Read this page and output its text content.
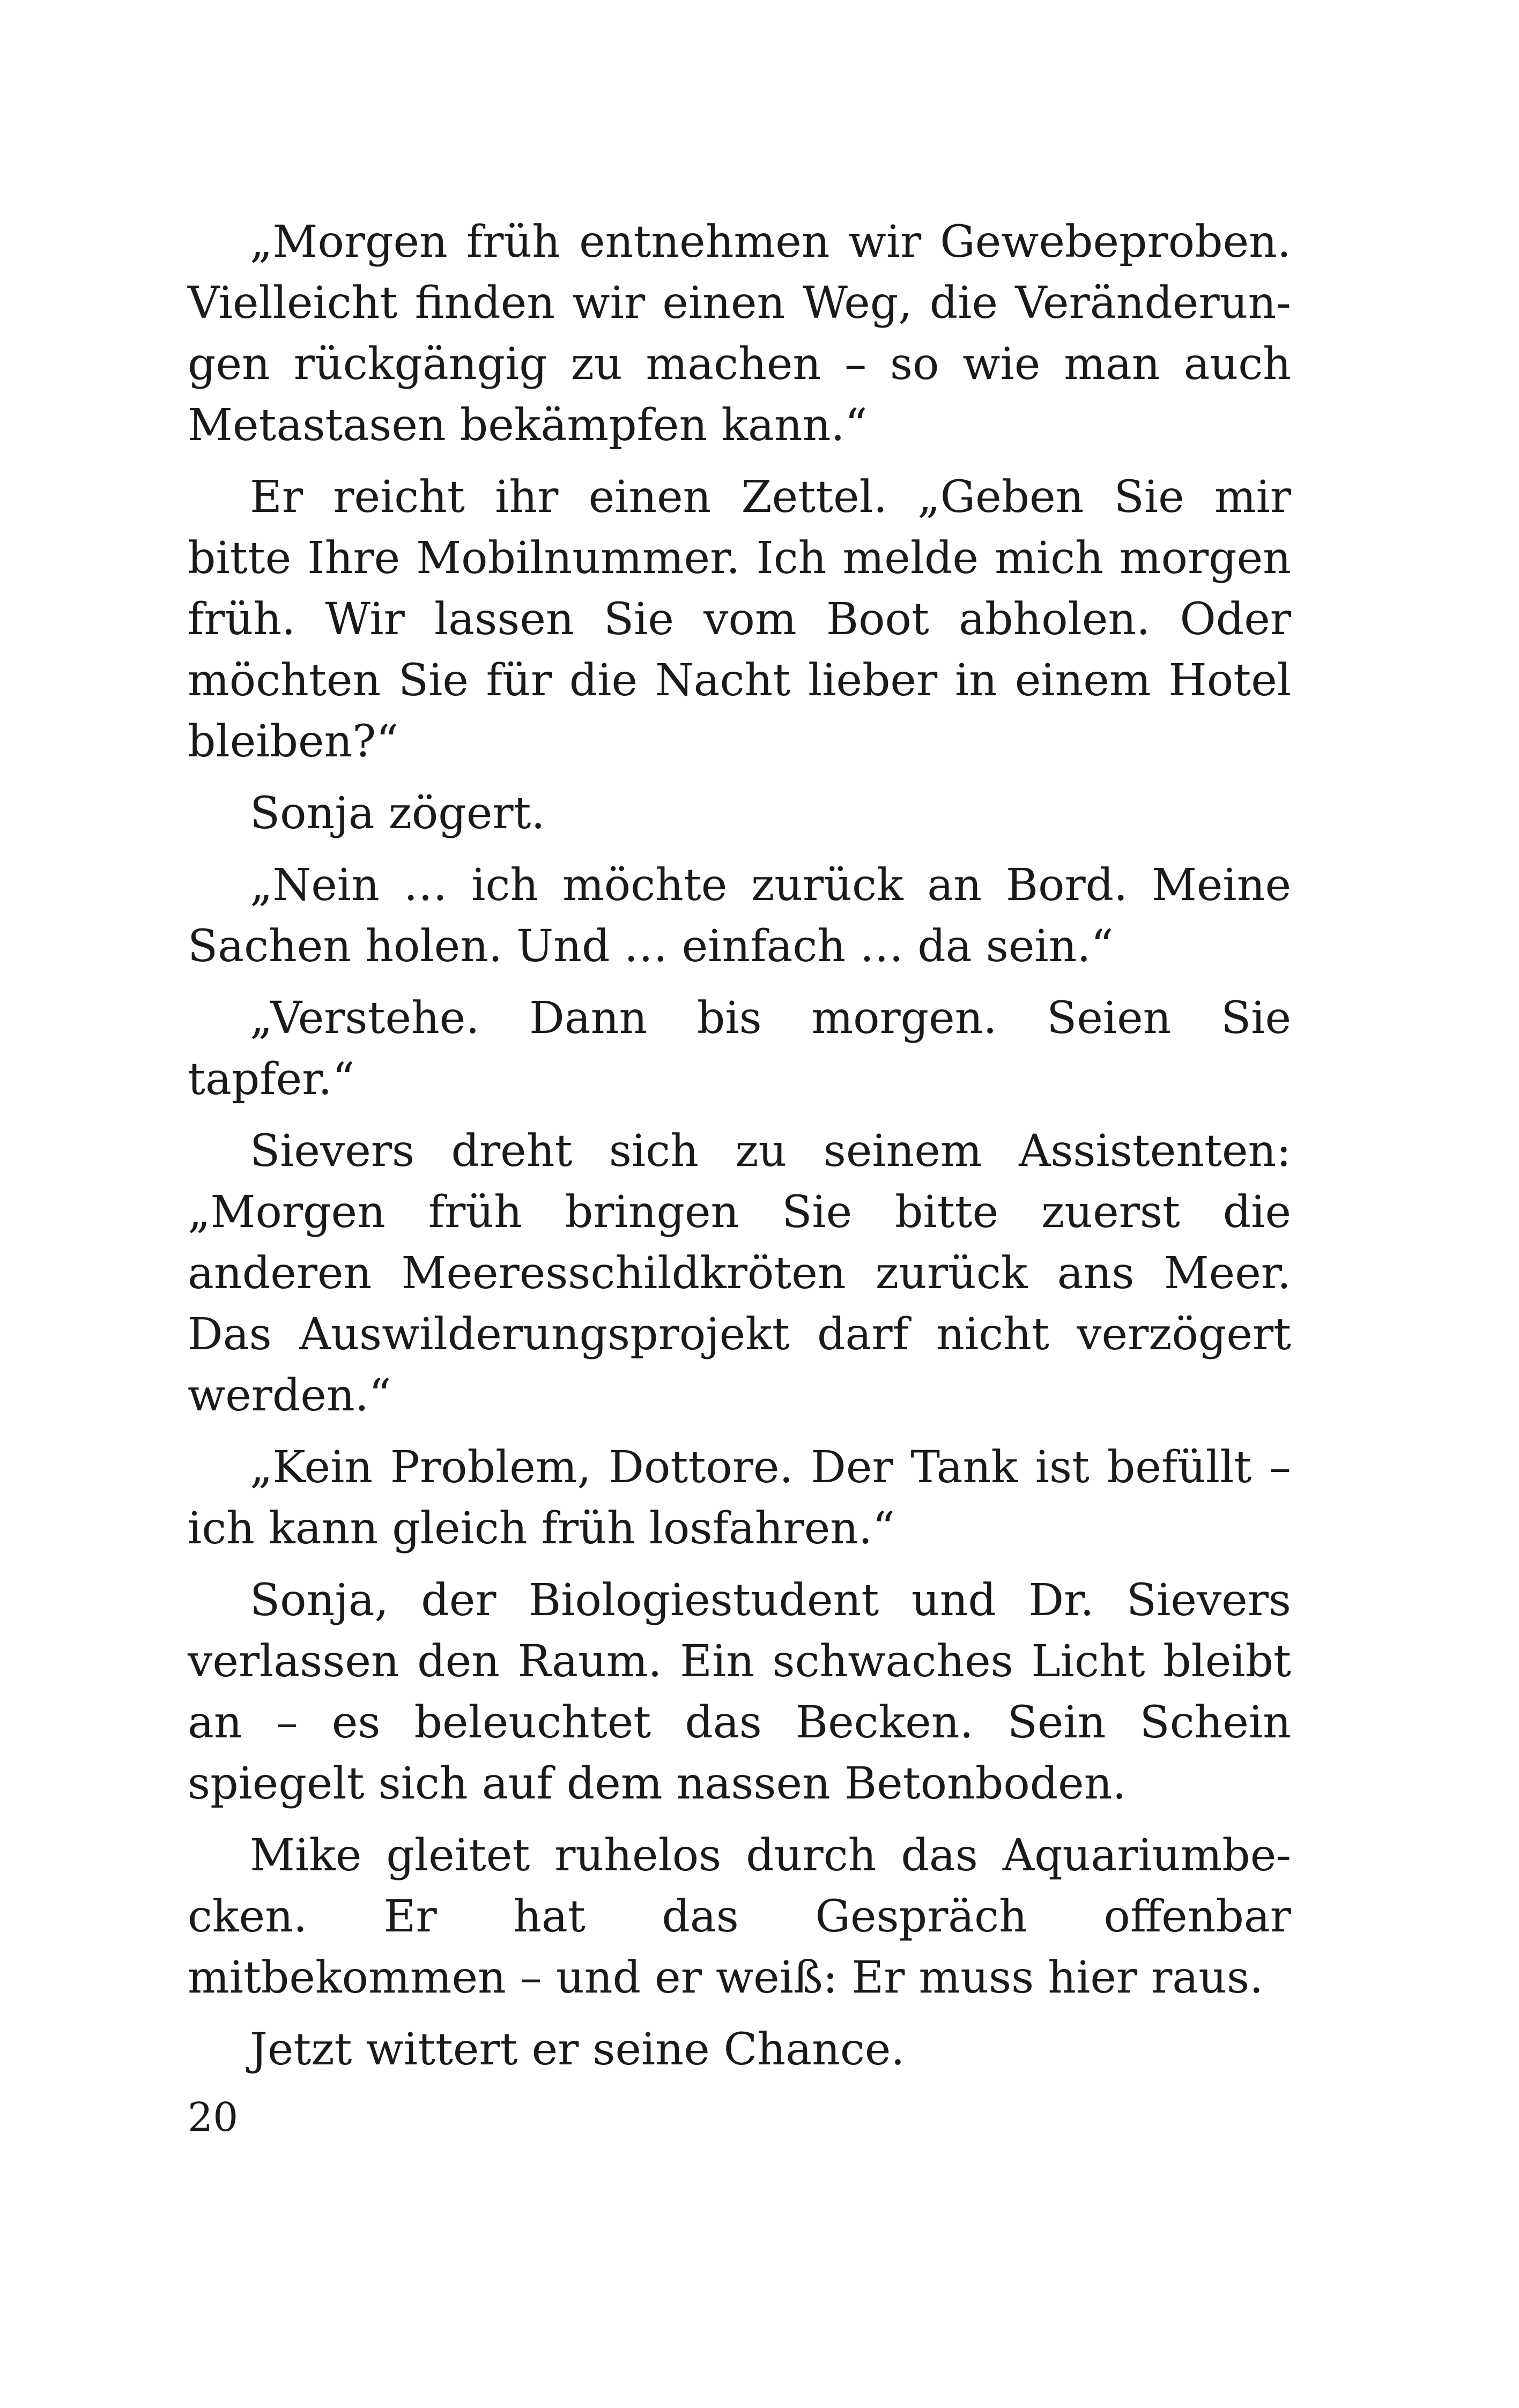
„Morgen früh entnehmen wir Gewebeproben. Vielleicht finden wir einen Weg, die Veränderungen rückgängig zu machen – so wie man auch Metastasen bekämpfen kann.“

Er reicht ihr einen Zettel. „Geben Sie mir bitte Ihre Mobilnummer. Ich melde mich morgen früh. Wir lassen Sie vom Boot abholen. Oder möchten Sie für die Nacht lieber in einem Hotel bleiben?“

Sonja zögert.

„Nein … ich möchte zurück an Bord. Meine Sachen holen. Und … einfach … da sein.“

„Verstehe. Dann bis morgen. Seien Sie tapfer.“

Sievers dreht sich zu seinem Assistenten: „Morgen früh bringen Sie bitte zuerst die anderen Meeresschildkröten zurück ans Meer. Das Auswilderungsprojekt darf nicht verzögert werden.“

„Kein Problem, Dottore. Der Tank ist befüllt – ich kann gleich früh losfahren.“

Sonja, der Biologiestudent und Dr. Sievers verlassen den Raum. Ein schwaches Licht bleibt an – es beleuchtet das Becken. Sein Schein spiegelt sich auf dem nassen Betonboden.

Mike gleitet ruhelos durch das Aquariumbecken. Er hat das Gespräch offenbar mitbekommen – und er weiß: Er muss hier raus.

Jetzt wittert er seine Chance.

20
